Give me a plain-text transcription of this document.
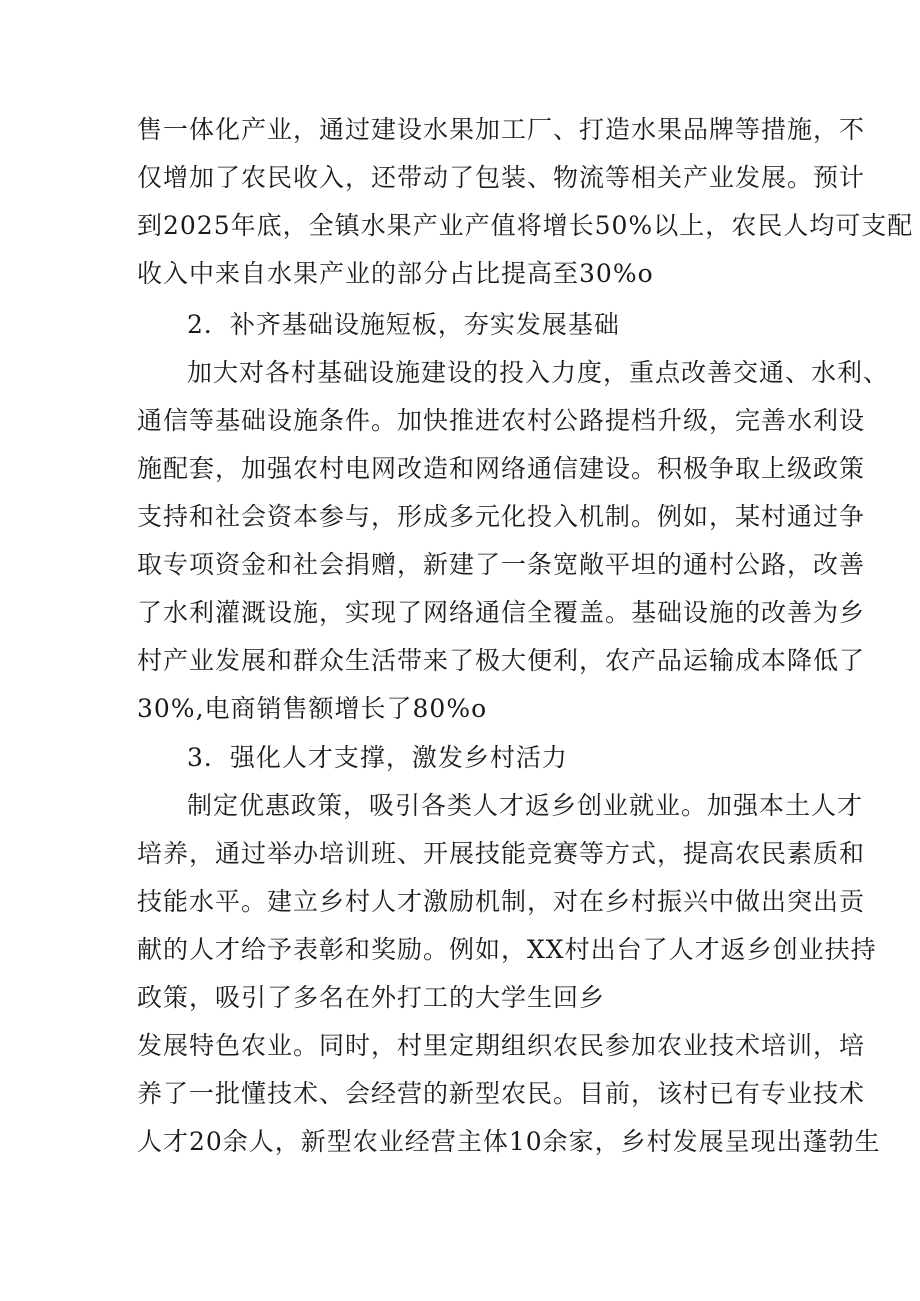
售一体化产业，通过建设水果加工厂、打造水果品牌等措施，不
仅增加了农民收入，还带动了包装、物流等相关产业发展。预计
到2025年底，全镇水果产业产值将增长50%以上，农民人均可支配
收入中来自水果产业的部分占比提高至30%o
2．补齐基础设施短板，夯实发展基础
加大对各村基础设施建设的投入力度，重点改善交通、水利、
通信等基础设施条件。加快推进农村公路提档升级，完善水利设
施配套，加强农村电网改造和网络通信建设。积极争取上级政策
支持和社会资本参与，形成多元化投入机制。例如，某村通过争
取专项资金和社会捐赠，新建了一条宽敞平坦的通村公路，改善
了水利灌溉设施，实现了网络通信全覆盖。基础设施的改善为乡
村产业发展和群众生活带来了极大便利，农产品运输成本降低了
30%,电商销售额增长了80%o
3．强化人才支撑，激发乡村活力
制定优惠政策，吸引各类人才返乡创业就业。加强本土人才
培养，通过举办培训班、开展技能竞赛等方式，提高农民素质和
技能水平。建立乡村人才激励机制，对在乡村振兴中做出突出贡
献的人才给予表彰和奖励。例如，XX村出台了人才返乡创业扶持
政策，吸引了多名在外打工的大学生回乡
发展特色农业。同时，村里定期组织农民参加农业技术培训，培
养了一批懂技术、会经营的新型农民。目前，该村已有专业技术
人才20余人，新型农业经营主体10余家，乡村发展呈现出蓬勃生
